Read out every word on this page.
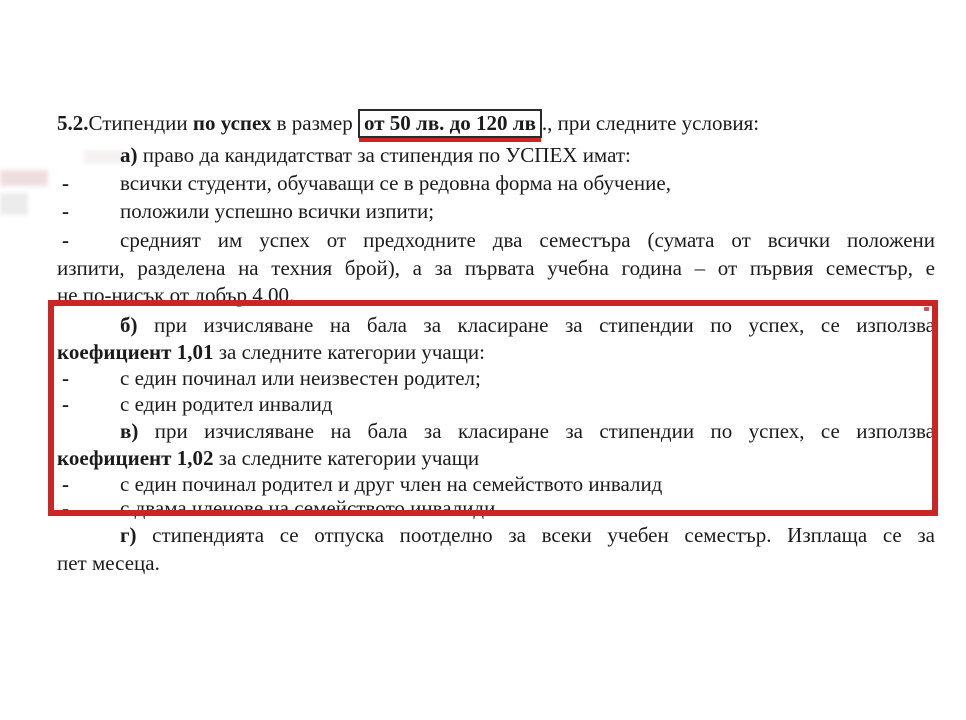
5.2.Стипендии по успех в размер от 50 лв. до 120 лв ., при следните условия:
а) право да кандидатстват за стипендия по УСПЕХ имат:
- всички студенти, обучаващи се в редовна форма на обучение,
- положили успешно всички изпити;
- средният им успех от предходните два семестъра (сумата от всички положени
изпити, разделена на техния брой), а за първата учебна година – от първия семестър, е
не по-нисък от добър 4.00.
б) при изчисляване на бала за класиране за стипендии по успех, се използва
коефициент 1,01 за следните категории учащи:
- с един починал или неизвестен родител;
- с един родител инвалид
в) при изчисляване на бала за класиране за стипендии по успех, се използва
коефициент 1,02 за следните категории учащи
- с един починал родител и друг член на семейството инвалид
- с двама членове на семейството инвалиди
г) стипендията се отпуска поотделно за всеки учебен семестър. Изплаща се за
пет месеца.
